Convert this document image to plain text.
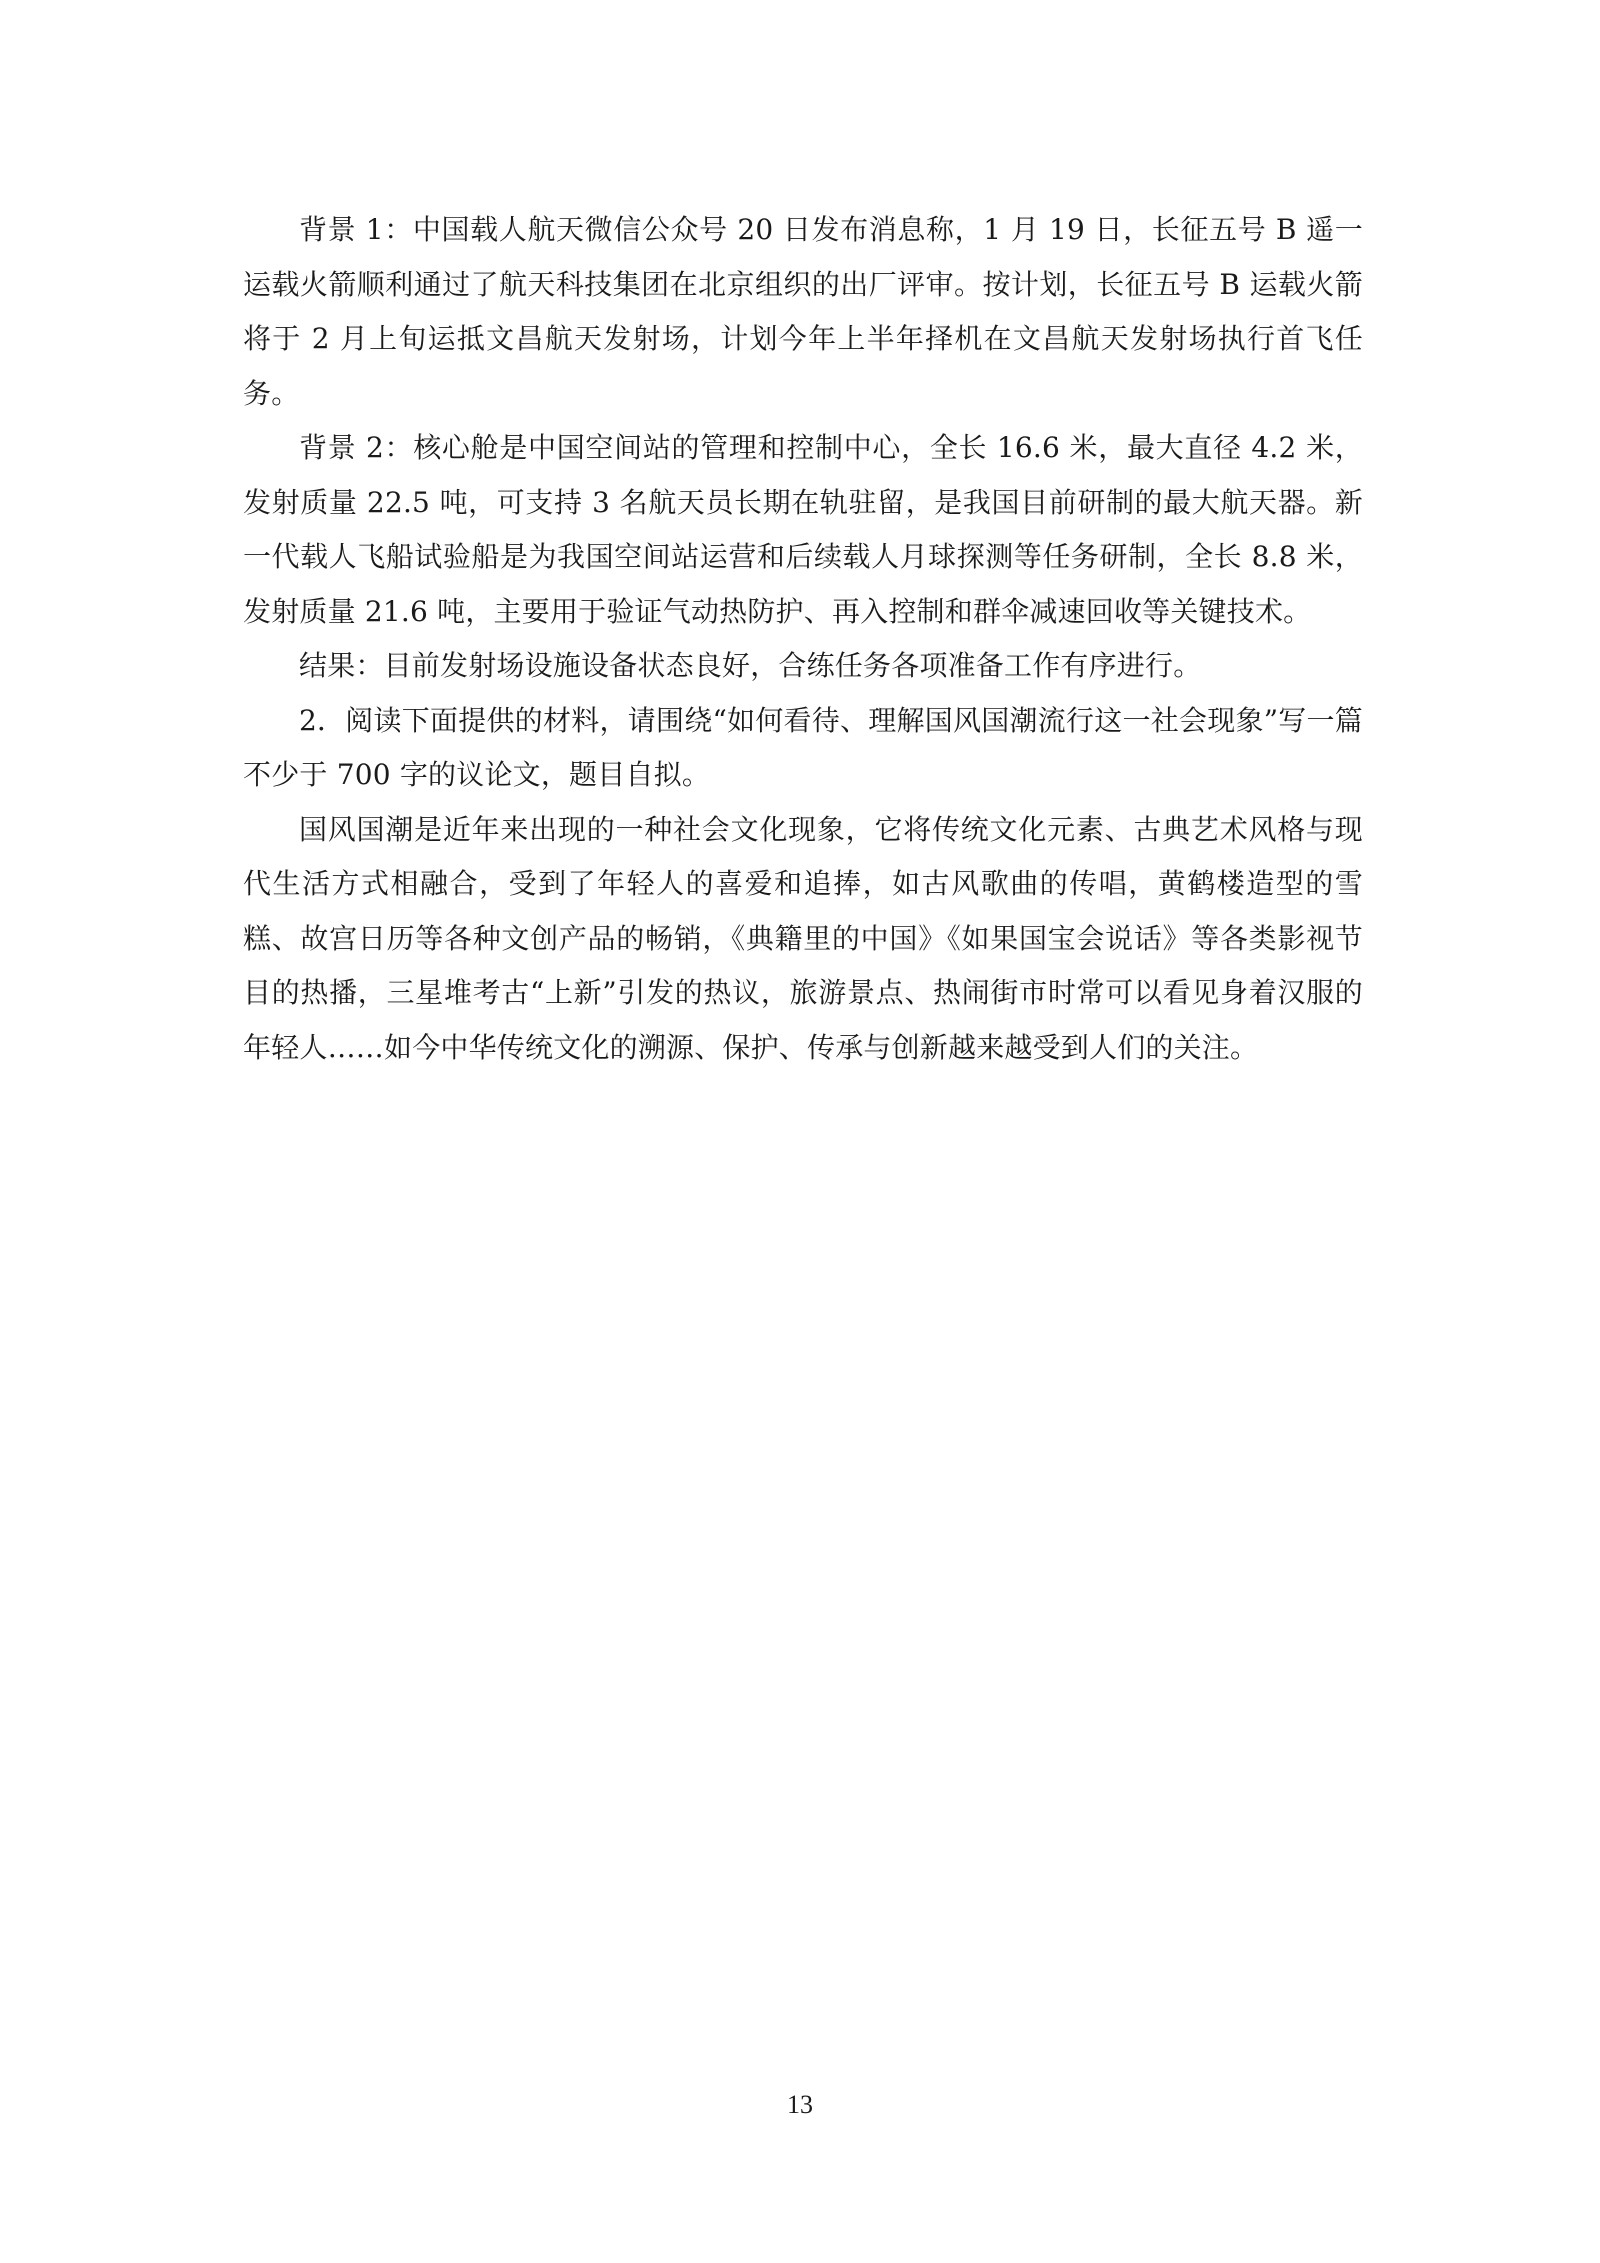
背景 1：中国载人航天微信公众号 20 日发布消息称，1 月 19 日，长征五号 B 遥一运载火箭顺利通过了航天科技集团在北京组织的出厂评审。按计划，长征五号 B 运载火箭将于 2 月上旬运抵文昌航天发射场，计划今年上半年择机在文昌航天发射场执行首飞任务。

背景 2：核心舱是中国空间站的管理和控制中心，全长 16.6 米，最大直径 4.2 米，发射质量 22.5 吨，可支持 3 名航天员长期在轨驻留，是我国目前研制的最大航天器。新一代载人飞船试验船是为我国空间站运营和后续载人月球探测等任务研制，全长 8.8 米，发射质量 21.6 吨，主要用于验证气动热防护、再入控制和群伞减速回收等关键技术。

结果：目前发射场设施设备状态良好，合练任务各项准备工作有序进行。

2．阅读下面提供的材料，请围绕“如何看待、理解国风国潮流行这一社会现象”写一篇不少于 700 字的议论文，题目自拟。

国风国潮是近年来出现的一种社会文化现象，它将传统文化元素、古典艺术风格与现代生活方式相融合，受到了年轻人的喜爱和追捧，如古风歌曲的传唱，黄鹤楼造型的雪糕、故宫日历等各种文创产品的畅销，《典籍里的中国》《如果国宝会说话》等各类影视节目的热播，三星堆考古“上新”引发的热议，旅游景点、热闹街市时常可以看见身着汉服的年轻人……如今中华传统文化的溯源、保护、传承与创新越来越受到人们的关注。

13
